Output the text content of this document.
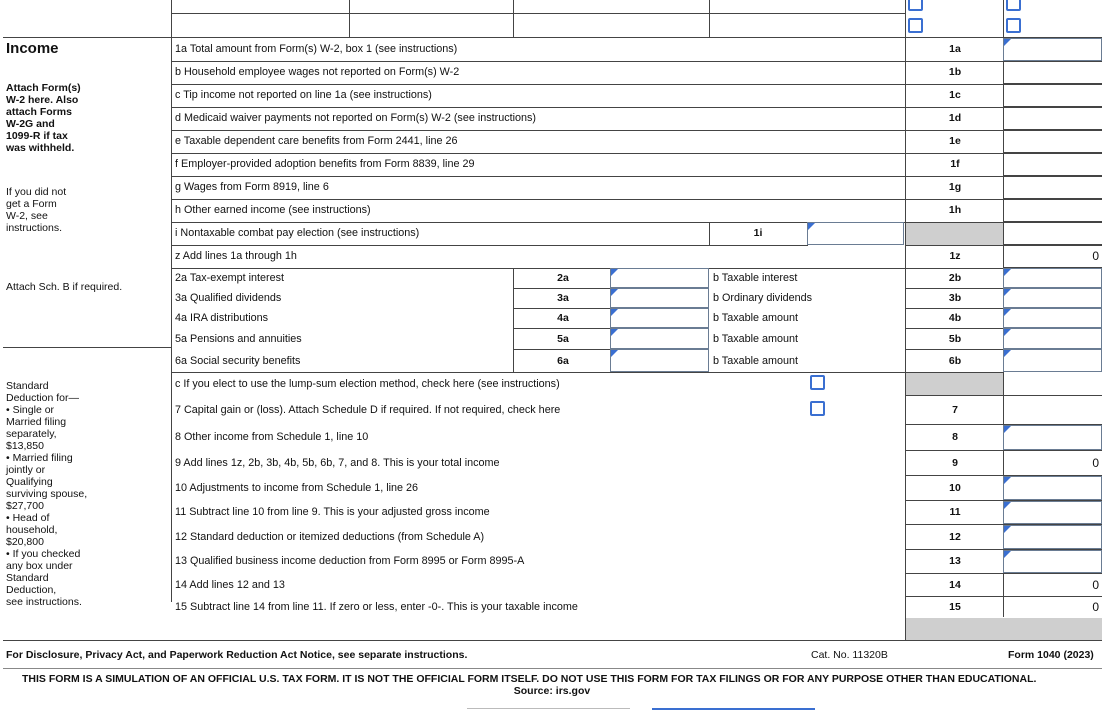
Income
Attach Form(s)
W-2 here. Also
attach Forms
W-2G and
1099-R if tax
was withheld.
If you did not
get a Form
W-2, see
instructions.
Attach Sch. B if required.
Standard
Deduction for—
• Single or
Married filing
separately,
$13,850
• Married filing
jointly or
Qualifying
surviving spouse,
$27,700
• Head of
household,
$20,800
• If you checked
any box under
Standard
Deduction,
see instructions.
1a Total amount from Form(s) W-2, box 1 (see instructions)	1a
b Household employee wages not reported on Form(s) W-2	1b
c Tip income not reported on line 1a (see instructions)	1c
d Medicaid waiver payments not reported on Form(s) W-2 (see instructions)	1d
e Taxable dependent care benefits from Form 2441, line 26	1e
f Employer-provided adoption benefits from Form 8839, line 29	1f
g Wages from Form 8919, line 6	1g
h Other earned income (see instructions)	1h
i Nontaxable combat pay election (see instructions)	1i
z Add lines 1a through 1h	1z	0
2a Tax-exempt interest	2a	b Taxable interest	2b
3a Qualified dividends	3a	b Ordinary dividends	3b
4a IRA distributions	4a	b Taxable amount	4b
5a Pensions and annuities	5a	b Taxable amount	5b
6a Social security benefits	6a	b Taxable amount	6b
c If you elect to use the lump-sum election method, check here (see instructions)
7 Capital gain or (loss). Attach Schedule D if required. If not required, check here	7
8 Other income from Schedule 1, line 10	8
9 Add lines 1z, 2b, 3b, 4b, 5b, 6b, 7, and 8. This is your total income	9	0
10 Adjustments to income from Schedule 1, line 26	10
11 Subtract line 10 from line 9. This is your adjusted gross income	11
12 Standard deduction or itemized deductions (from Schedule A)	12
13 Qualified business income deduction from Form 8995 or Form 8995-A	13
14 Add lines 12 and 13	14	0
15 Subtract line 14 from line 11. If zero or less, enter -0-. This is your taxable income	15	0
For Disclosure, Privacy Act, and Paperwork Reduction Act Notice, see separate instructions.	Cat. No. 11320B	Form 1040 (2023)
THIS FORM IS A SIMULATION OF AN OFFICIAL U.S. TAX FORM. IT IS NOT THE OFFICIAL FORM ITSELF. DO NOT USE THIS FORM FOR TAX FILINGS OR FOR ANY PURPOSE OTHER THAN EDUCATIONAL.
Source: irs.gov
